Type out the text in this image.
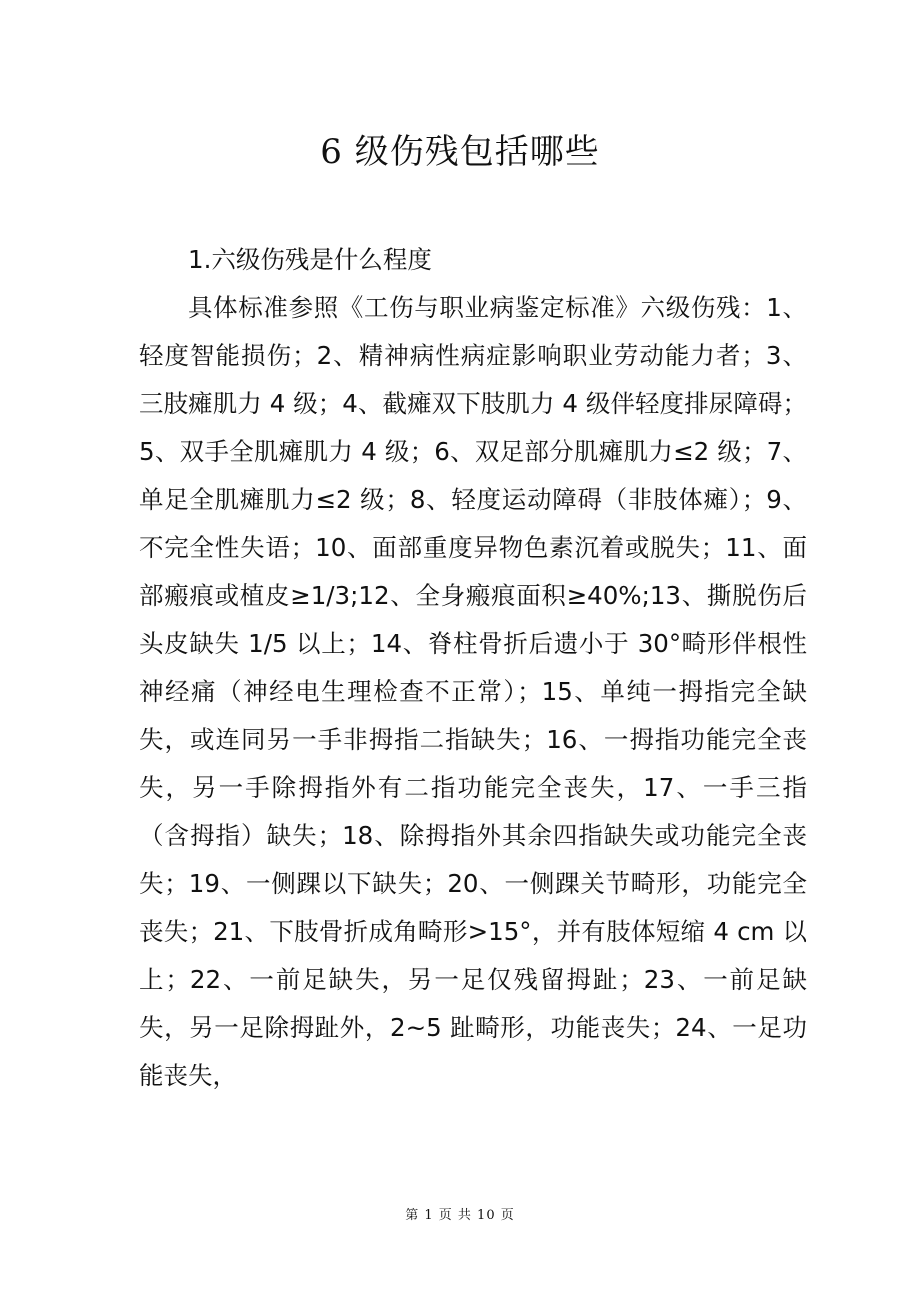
6 级伤残包括哪些

1.六级伤残是什么程度

具体标准参照《工伤与职业病鉴定标准》六级伤残：1、轻度智能损伤；2、精神病性病症影响职业劳动能力者；3、三肢瘫肌力 4 级；4、截瘫双下肢肌力 4 级伴轻度排尿障碍；5、双手全肌瘫肌力 4 级；6、双足部分肌瘫肌力≤2 级；7、单足全肌瘫肌力≤2 级；8、轻度运动障碍（非肢体瘫）；9、不完全性失语；10、面部重度异物色素沉着或脱失；11、面部瘢痕或植皮≥1/3;12、全身瘢痕面积≥40%;13、撕脱伤后头皮缺失 1/5 以上；14、脊柱骨折后遗小于 30°畸形伴根性神经痛（神经电生理检查不正常）；15、单纯一拇指完全缺失，或连同另一手非拇指二指缺失；16、一拇指功能完全丧失，另一手除拇指外有二指功能完全丧失，17、一手三指（含拇指）缺失；18、除拇指外其余四指缺失或功能完全丧失；19、一侧踝以下缺失；20、一侧踝关节畸形，功能完全丧失；21、下肢骨折成角畸形>15°，并有肢体短缩 4 cm 以上；22、一前足缺失，另一足仅残留拇趾；23、一前足缺失，另一足除拇趾外，2~5 趾畸形，功能丧失；24、一足功能丧失，

第 1 页 共 10 页
